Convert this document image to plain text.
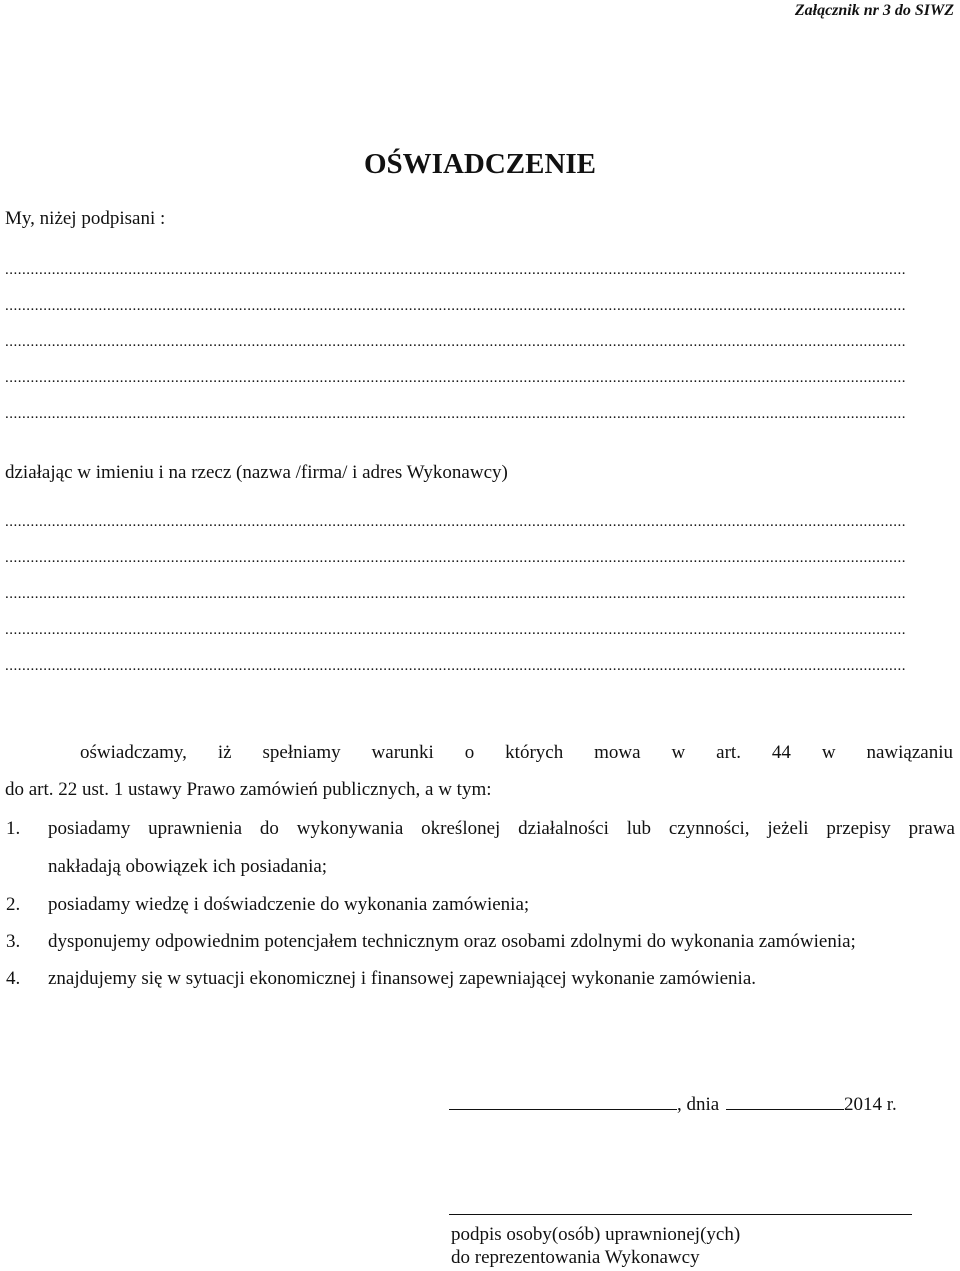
Załącznik nr 3 do SIWZ
OŚWIADCZENIE
My, niżej podpisani :
....................................................................................................................................................................................................................
....................................................................................................................................................................................................................
....................................................................................................................................................................................................................
....................................................................................................................................................................................................................
....................................................................................................................................................................................................................
działając w imieniu i na rzecz (nazwa /firma/ i adres Wykonawcy)
....................................................................................................................................................................................................................
....................................................................................................................................................................................................................
....................................................................................................................................................................................................................
....................................................................................................................................................................................................................
....................................................................................................................................................................................................................
oświadczamy, iż spełniamy warunki o których mowa w art. 44 w nawiązaniu
do art. 22 ust. 1 ustawy Prawo zamówień publicznych, a w tym:
1. posiadamy uprawnienia do wykonywania określonej działalności lub czynności, jeżeli przepisy prawa
nakładają obowiązek ich posiadania;
2. posiadamy wiedzę i doświadczenie do wykonania zamówienia;
3. dysponujemy odpowiednim potencjałem technicznym oraz osobami zdolnymi do wykonania zamówienia;
4. znajdujemy się w sytuacji ekonomicznej i finansowej zapewniającej wykonanie zamówienia.
, dnia	2014 r.
podpis osoby(osób) uprawnionej(ych)
do reprezentowania Wykonawcy
